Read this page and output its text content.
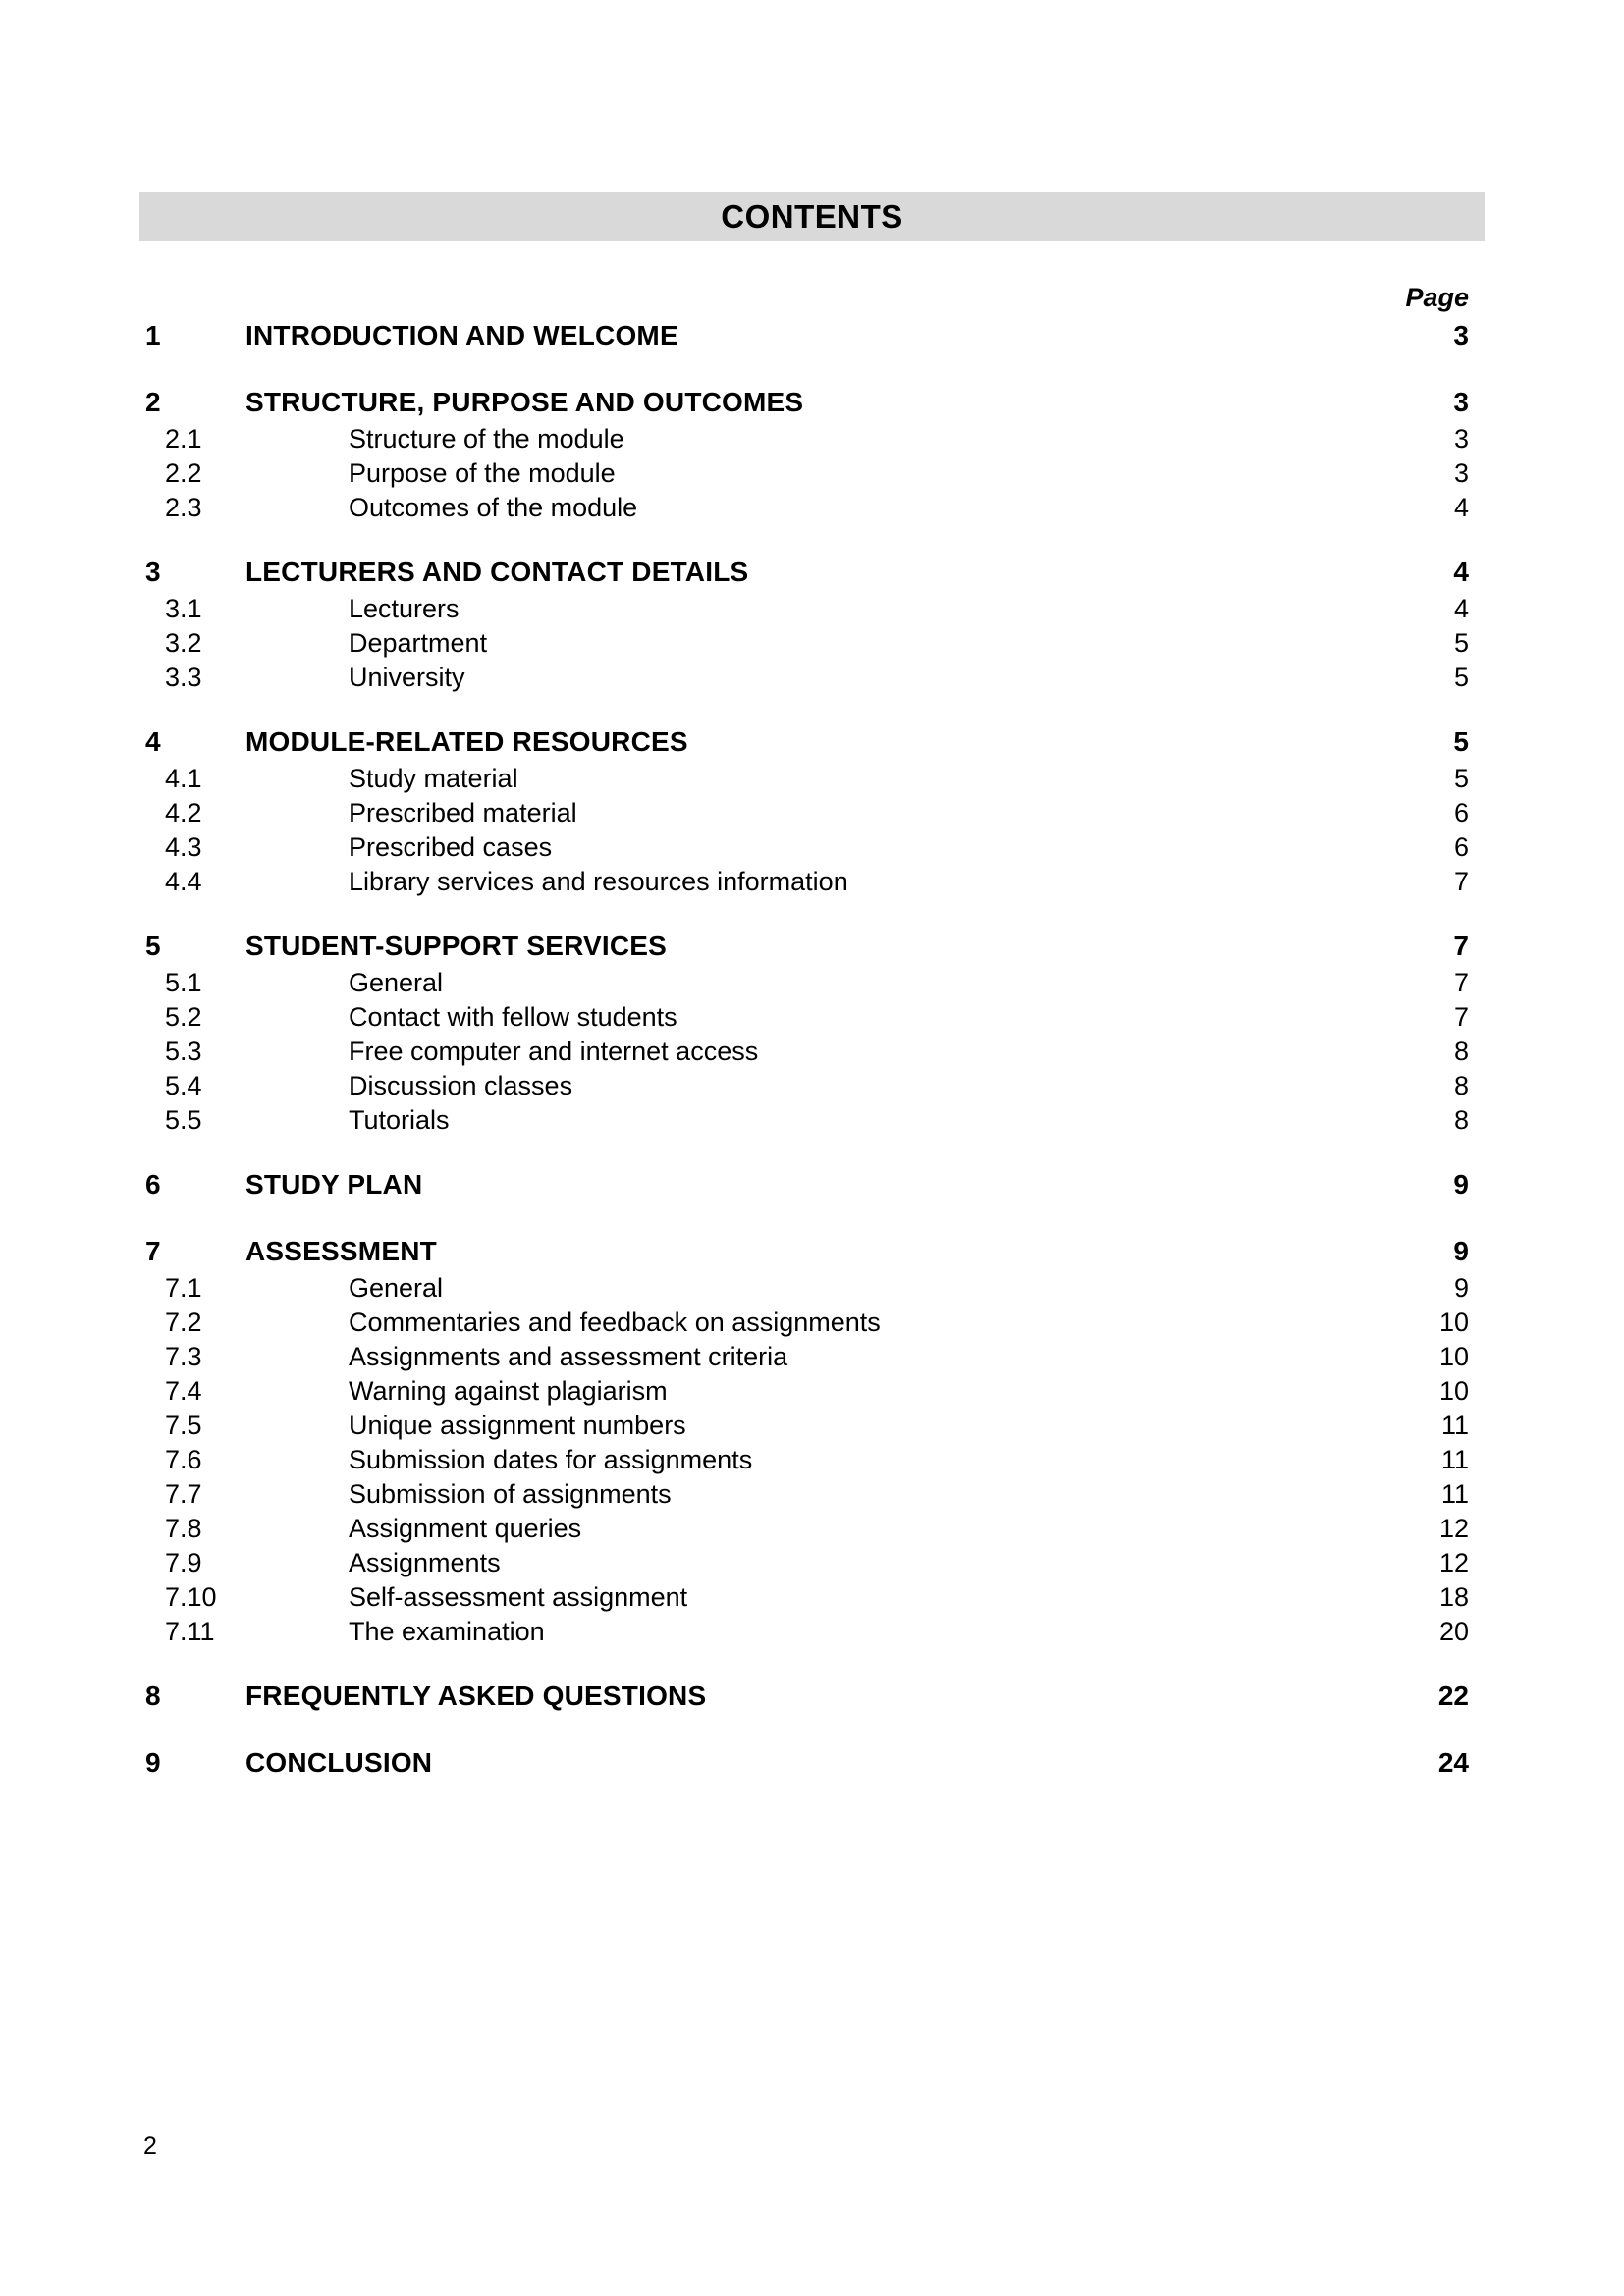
CONTENTS
Page
1	INTRODUCTION AND WELCOME	3
2	STRUCTURE, PURPOSE AND OUTCOMES	3
2.1	Structure of the module	3
2.2	Purpose of the module	3
2.3	Outcomes of the module	4
3	LECTURERS AND CONTACT DETAILS	4
3.1	Lecturers	4
3.2	Department	5
3.3	University	5
4	MODULE-RELATED RESOURCES	5
4.1	Study material	5
4.2	Prescribed material	6
4.3	Prescribed cases	6
4.4	Library services and resources information	7
5	STUDENT-SUPPORT SERVICES	7
5.1	General	7
5.2	Contact with fellow students	7
5.3	Free computer and internet access	8
5.4	Discussion classes	8
5.5	Tutorials	8
6	STUDY PLAN	9
7	ASSESSMENT	9
7.1	General	9
7.2	Commentaries and feedback on assignments	10
7.3	Assignments and assessment criteria	10
7.4	Warning against plagiarism	10
7.5	Unique assignment numbers	11
7.6	Submission dates for assignments	11
7.7	Submission of assignments	11
7.8	Assignment queries	12
7.9	Assignments	12
7.10	Self-assessment assignment	18
7.11	The examination	20
8	FREQUENTLY ASKED QUESTIONS	22
9	CONCLUSION	24
2
